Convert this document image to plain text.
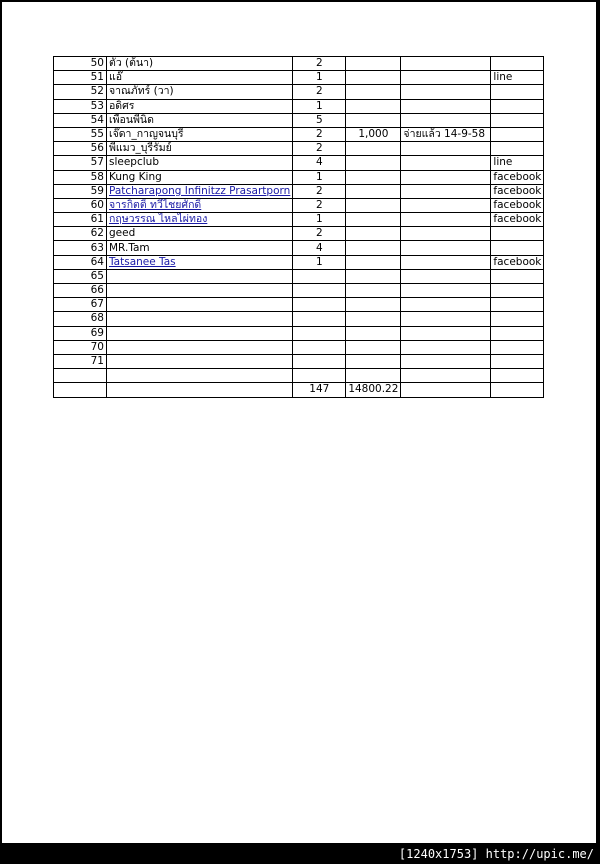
50	ตัว (ต้นา)	2			
51	แอ๊	1			line
52	จาณภัทร์ (วา)	2			
53	อดิศร	1			
54	เพื่อนพี่นิด	5			
55	เจ๊ดา_กาญจนบุรี	2	1,000	จ่ายแล้ว 14-9-58	
56	พี่แมว_บุรีรัมย์	2			
57	sleepclub	4			line
58	Kung King	1			facebook
59	Patcharapong Infinitzz Prasartporn	2			facebook
60	จารกิตติ์ ทวีไชยศักดิ์	2			facebook
61	กฤษวรรณ ไหลไผ่ทอง	1			facebook
62	geed	2			
63	MR.Tam	4			
64	Tatsanee Tas	1			facebook
65					
66					
67					
68					
69					
70					
71					

		147	14800.22		
[1240x1753] http://upic.me/
